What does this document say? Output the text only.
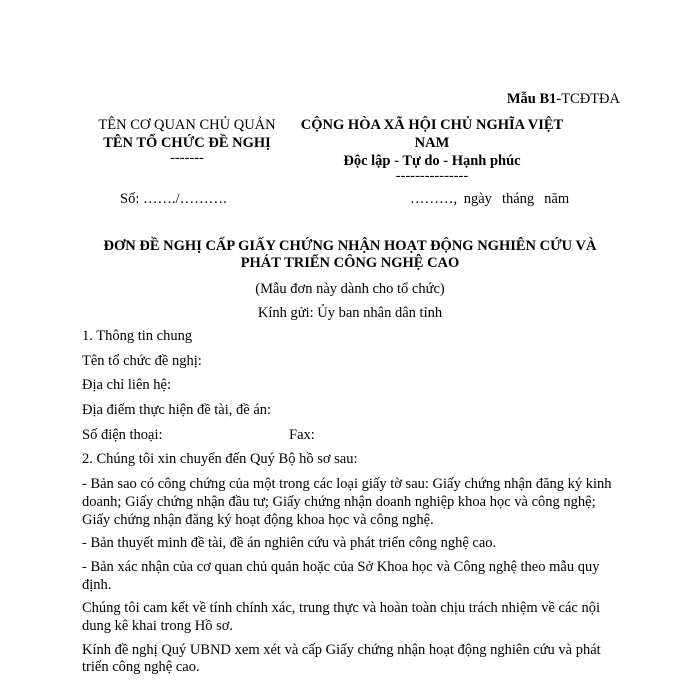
Mẫu B1-TCĐTĐA
TÊN CƠ QUAN CHỦ QUẢN
TÊN TỔ CHỨC ĐỀ NGHỊ
-------
CỘNG HÒA XÃ HỘI CHỦ NGHĨA VIỆT NAM
Độc lập - Tự do - Hạnh phúc
---------------
Số: ……./……….	………, ngày tháng năm
ĐƠN ĐỀ NGHỊ CẤP GIẤY CHỨNG NHẬN HOẠT ĐỘNG NGHIÊN CỨU VÀ PHÁT TRIỂN CÔNG NGHỆ CAO
(Mẫu đơn này dành cho tổ chức)
Kính gửi: Ủy ban nhân dân tỉnh

1. Thông tin chung

Tên tổ chức đề nghị:

Địa chỉ liên hệ:

Địa điểm thực hiện đề tài, đề án:

Số điện thoại:	Fax:

2. Chúng tôi xin chuyển đến Quý Bộ hồ sơ sau:

- Bản sao có công chứng của một trong các loại giấy tờ sau: Giấy chứng nhận đăng ký kinh doanh; Giấy chứng nhận đầu tư; Giấy chứng nhận doanh nghiệp khoa học và công nghệ; Giấy chứng nhận đăng ký hoạt động khoa học và công nghệ.

- Bản thuyết minh đề tài, đề án nghiên cứu và phát triển công nghệ cao.

- Bản xác nhận của cơ quan chủ quản hoặc của Sở Khoa học và Công nghệ theo mẫu quy định.

Chúng tôi cam kết về tính chính xác, trung thực và hoàn toàn chịu trách nhiệm về các nội dung kê khai trong Hồ sơ.

Kính đề nghị Quý UBND xem xét và cấp Giấy chứng nhận hoạt động nghiên cứu và phát triển công nghệ cao.
